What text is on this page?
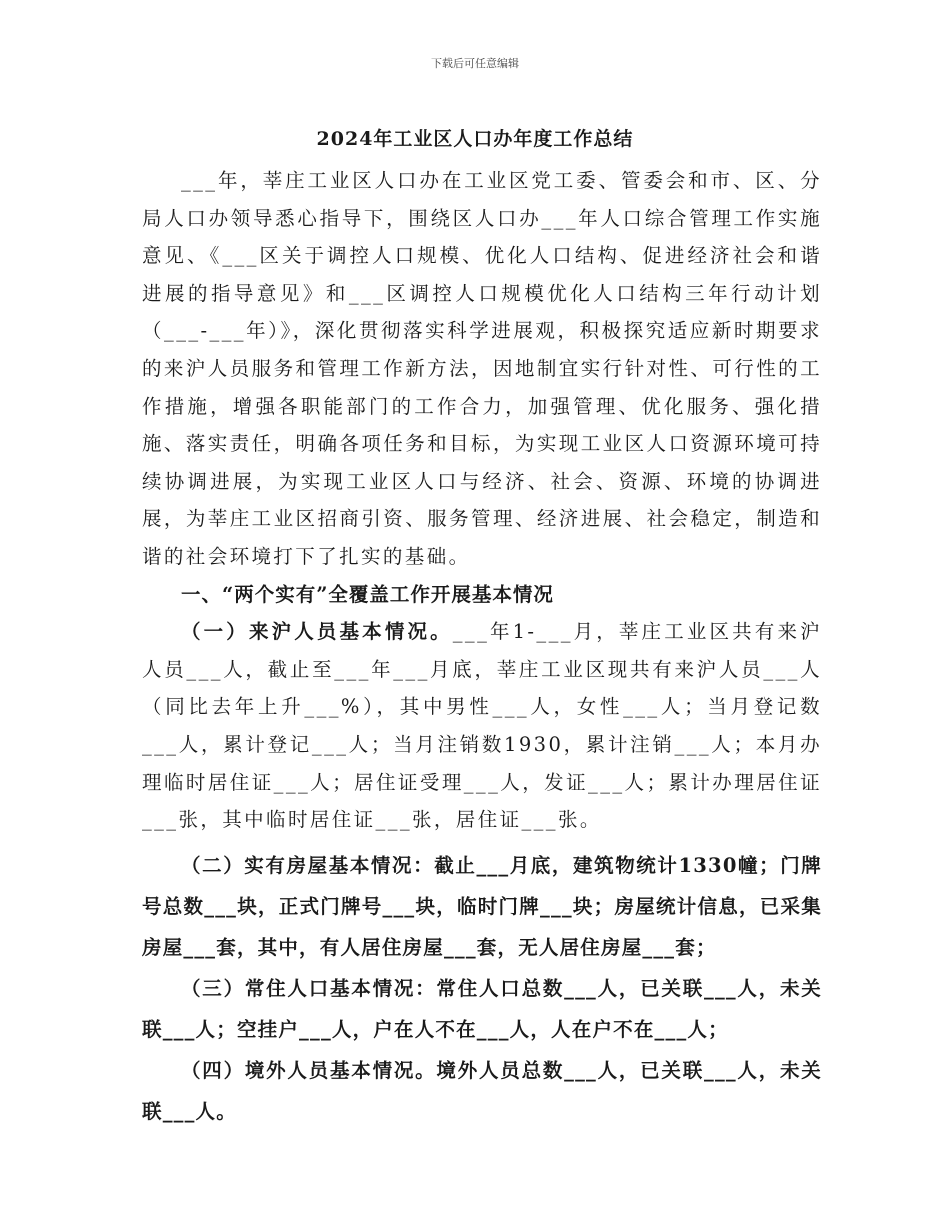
下载后可任意编辑
2024年工业区人口办年度工作总结

___年，莘庄工业区人口办在工业区党工委、管委会和市、区、分局人口办领导悉心指导下，围绕区人口办___年人口综合管理工作实施意见、《___区关于调控人口规模、优化人口结构、促进经济社会和谐进展的指导意见》和___区调控人口规模优化人口结构三年行动计划（___-___年）》，深化贯彻落实科学进展观，积极探究适应新时期要求的来沪人员服务和管理工作新方法，因地制宜实行针对性、可行性的工作措施，增强各职能部门的工作合力，加强管理、优化服务、强化措施、落实责任，明确各项任务和目标，为实现工业区人口资源环境可持续协调进展，为实现工业区人口与经济、社会、资源、环境的协调进展，为莘庄工业区招商引资、服务管理、经济进展、社会稳定，制造和谐的社会环境打下了扎实的基础。

一、“两个实有”全覆盖工作开展基本情况

（一）来沪人员基本情况。___年1-___月，莘庄工业区共有来沪人员___人，截止至___年___月底，莘庄工业区现共有来沪人员___人（同比去年上升___%），其中男性___人，女性___人；当月登记数___人，累计登记___人；当月注销数1930，累计注销___人；本月办理临时居住证___人；居住证受理___人，发证___人；累计办理居住证___张，其中临时居住证___张，居住证___张。

（二）实有房屋基本情况：截止___月底，建筑物统计1330幢；门牌号总数___块，正式门牌号___块，临时门牌___块；房屋统计信息，已采集房屋___套，其中，有人居住房屋___套，无人居住房屋___套；

（三）常住人口基本情况：常住人口总数___人，已关联___人，未关联___人；空挂户___人，户在人不在___人，人在户不在___人；

（四）境外人员基本情况。境外人员总数___人，已关联___人，未关联___人。
